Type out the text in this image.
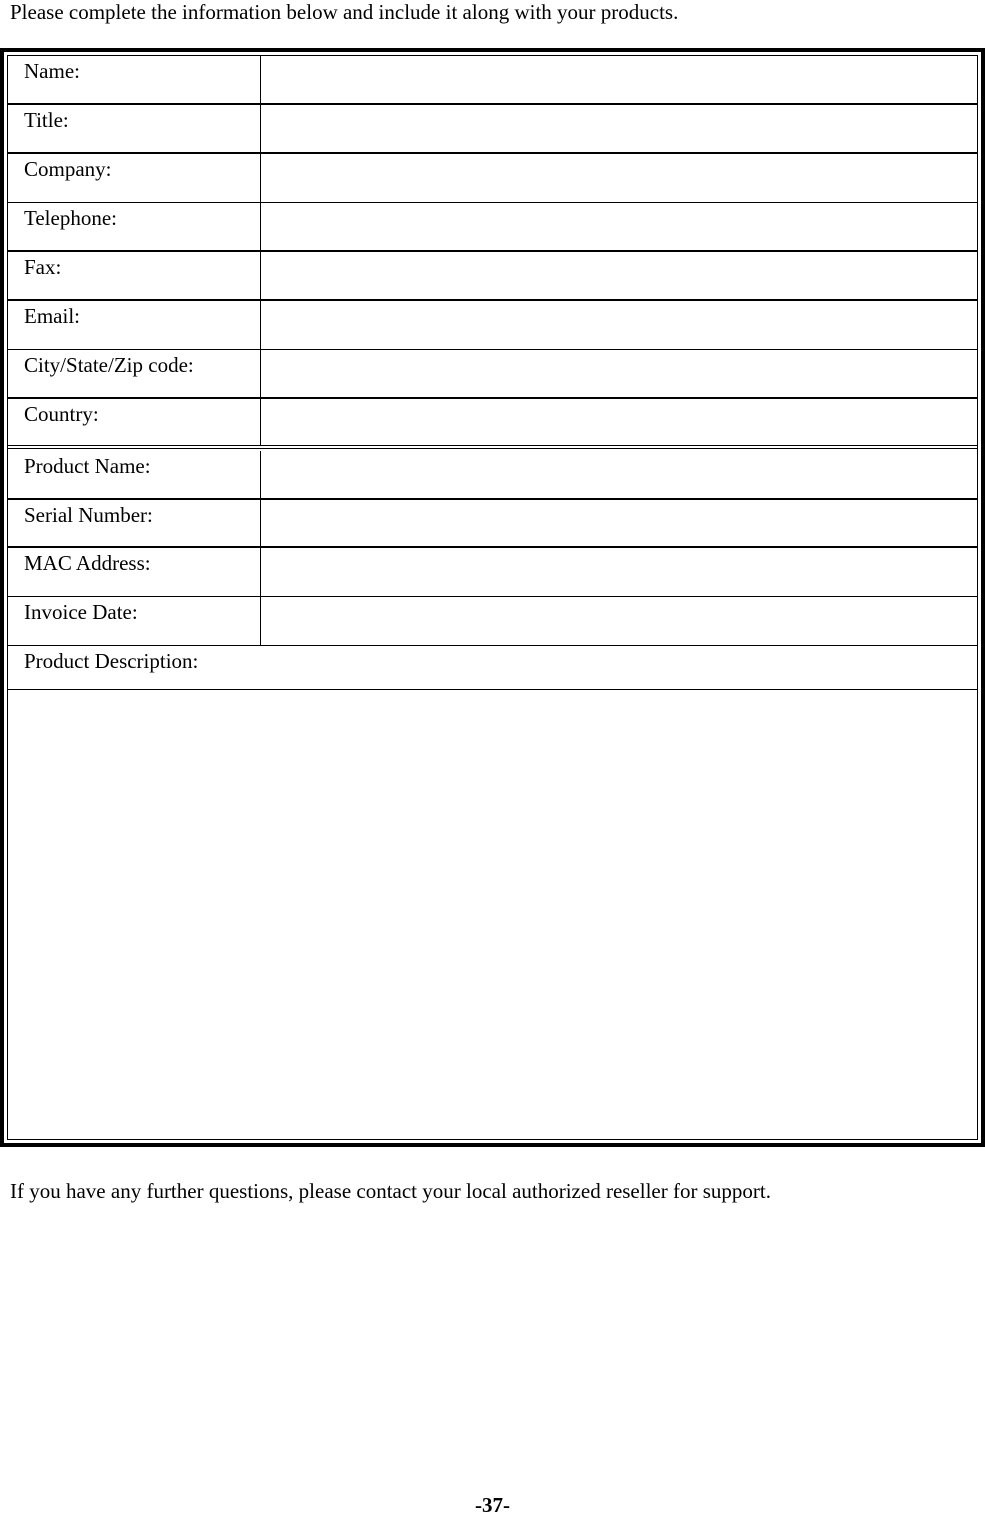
Please complete the information below and include it along with your products.
Name:
Title:
Company:
Telephone:
Fax:
Email:
City/State/Zip code:
Country:
Product Name:
Serial Number:
MAC Address:
Invoice Date:
Product Description:
If you have any further questions, please contact your local authorized reseller for support.
-37-
